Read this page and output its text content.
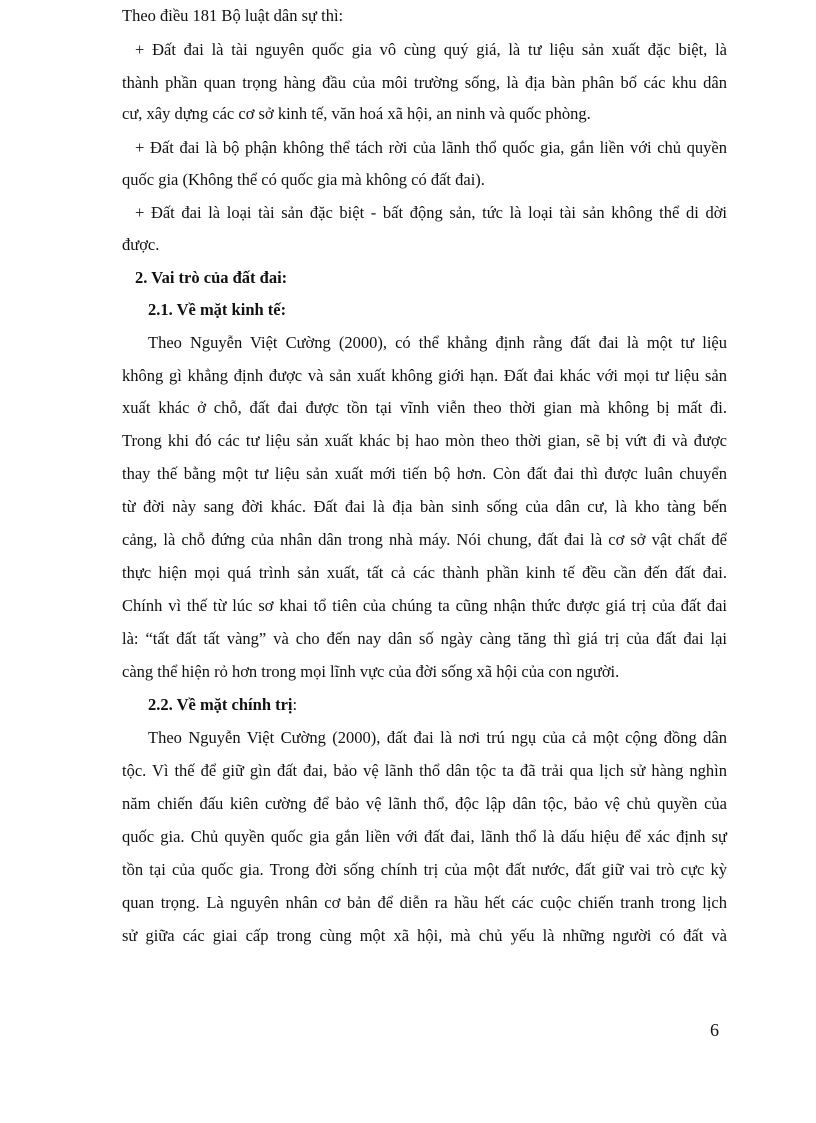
Theo điều 181 Bộ luật dân sự thì:
+ Đất đai là tài nguyên quốc gia vô cùng quý giá, là tư liệu sản xuất đặc biệt, là
thành phần quan trọng hàng đầu của môi trường sống, là địa bàn phân bố các khu dân
cư, xây dựng các cơ sở kinh tế, văn hoá xã hội, an ninh và quốc phòng.
+ Đất đai là bộ phận không thể tách rời của lãnh thổ quốc gia, gắn liền với chủ quyền
quốc gia (Không thể có quốc gia mà không có đất đai).
+ Đất đai là loại tài sản đặc biệt - bất động sản, tức là loại tài sản không thể di dời
được.
2. Vai trò của đất đai:
2.1. Về mặt kinh tế:
Theo Nguyễn Việt Cường (2000), có thể khẳng định rằng đất đai là một tư liệu
không gì khẳng định được và sản xuất không giới hạn. Đất đai khác với mọi tư liệu sản
xuất khác ở chỗ, đất đai được tồn tại vĩnh viễn theo thời gian mà không bị mất đi.
Trong khi đó các tư liệu sản xuất khác bị hao mòn theo thời gian, sẽ bị vứt đi và được
thay thế bằng một tư liệu sản xuất mới tiến bộ hơn. Còn đất đai thì được luân chuyển
từ đời này sang đời khác. Đất đai là địa bàn sinh sống của dân cư, là kho tàng bến
cảng, là chỗ đứng của nhân dân trong nhà máy. Nói chung, đất đai là cơ sở vật chất để
thực hiện mọi quá trình sản xuất, tất cả các thành phần kinh tế đều cần đến đất đai.
Chính vì thế từ lúc sơ khai tổ tiên của chúng ta cũng nhận thức được giá trị của đất đai
là: “tất đất tất vàng” và cho đến nay dân số ngày càng tăng thì giá trị của đất đai lại
càng thể hiện rỏ hơn trong mọi lĩnh vực của đời sống xã hội của con người.
2.2. Về mặt chính trị:
Theo Nguyễn Việt Cường (2000), đất đai là nơi trú ngụ của cả một cộng đồng dân
tộc. Vì thế để giữ gìn đất đai, bảo vệ lãnh thổ dân tộc ta đã trải qua lịch sử hàng nghìn
năm chiến đấu kiên cường để bảo vệ lãnh thổ, độc lập dân tộc, bảo vệ chủ quyền của
quốc gia. Chủ quyền quốc gia gắn liền với đất đai, lãnh thổ là dấu hiệu để xác định sự
tồn tại của quốc gia. Trong đời sống chính trị của một đất nước, đất giữ vai trò cực kỳ
quan trọng. Là nguyên nhân cơ bản để diễn ra hầu hết các cuộc chiến tranh trong lịch
sử giữa các giai cấp trong cùng một xã hội, mà chủ yếu là những người có đất và
6
